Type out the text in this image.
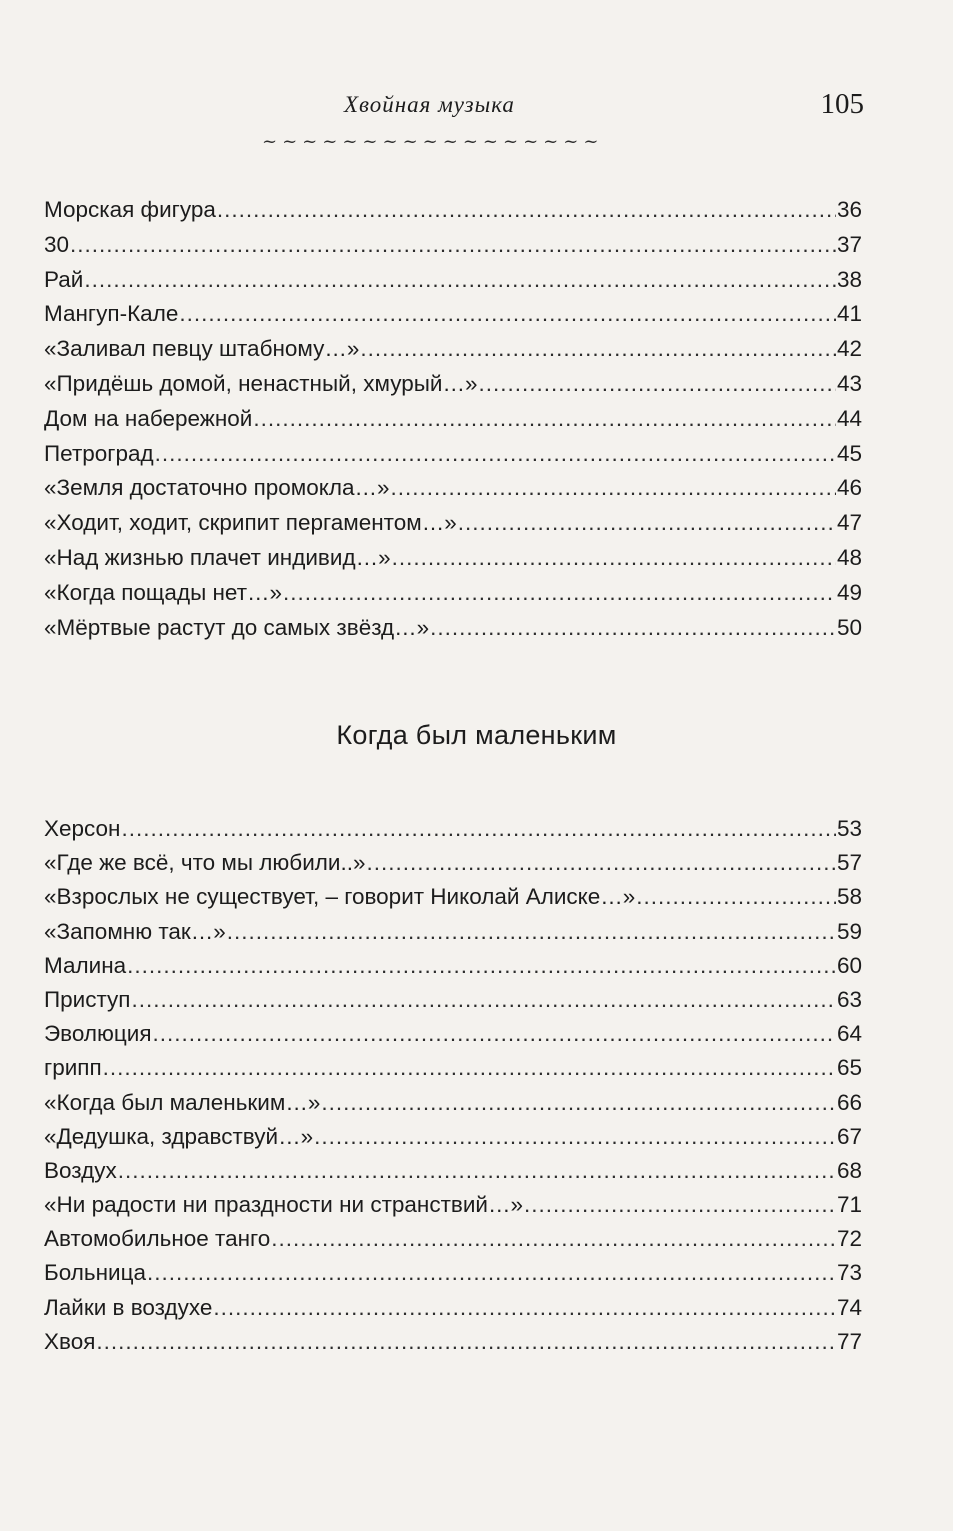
Хвойная музыка	105
~~~~~~~~~~~~~~~~~
Морская фигура .....	36
30 .....	37
Рай .....	38
Мангуп-Кале .....	41
«Заливал певцу штабному…» .....	42
«Придёшь домой, ненастный, хмурый…» .....	43
Дом на набережной .....	44
Петроград .....	45
«Земля достаточно промокла…» .....	46
«Ходит, ходит, скрипит пергаментом…» .....	47
«Над жизнью плачет индивид…» .....	48
«Когда пощады нет…» .....	49
«Мёртвые растут до самых звёзд…» .....	50
Когда был маленьким
Херсон .....	53
«Где же всё, что мы любили..» .....	57
«Взрослых не существует, – говорит Николай Алиске…» .....	58
«Запомню так…» .....	59
Малина .....	60
Приступ .....	63
Эволюция .....	64
грипп .....	65
«Когда был маленьким…» .....	66
«Дедушка, здравствуй…» .....	67
Воздух .....	68
«Ни радости ни праздности ни странствий…» .....	71
Автомобильное танго .....	72
Больница .....	73
Лайки в воздухе .....	74
Хвоя .....	77
